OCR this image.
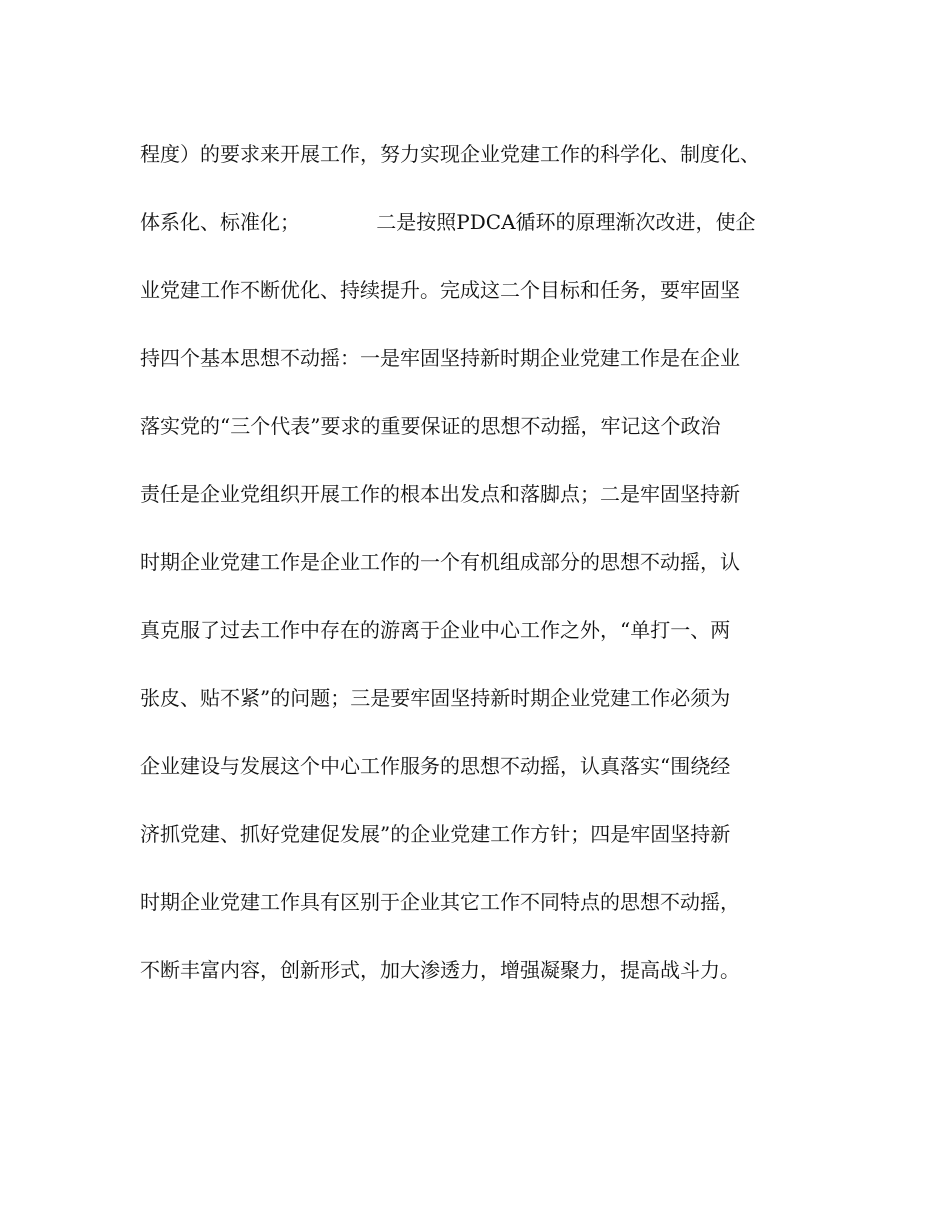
程度）的要求来开展工作，努力实现企业党建工作的科学化、制度化、
体系化、标准化；            二是按照PDCA循环的原理渐次改进，使企
业党建工作不断优化、持续提升。完成这二个目标和任务，要牢固坚
持四个基本思想不动摇：一是牢固坚持新时期企业党建工作是在企业
落实党的“三个代表”要求的重要保证的思想不动摇，牢记这个政治
责任是企业党组织开展工作的根本出发点和落脚点；二是牢固坚持新
时期企业党建工作是企业工作的一个有机组成部分的思想不动摇，认
真克服了过去工作中存在的游离于企业中心工作之外，“单打一、两
张皮、贴不紧”的问题；三是要牢固坚持新时期企业党建工作必须为
企业建设与发展这个中心工作服务的思想不动摇，认真落实“围绕经
济抓党建、抓好党建促发展”的企业党建工作方针；四是牢固坚持新
时期企业党建工作具有区别于企业其它工作不同特点的思想不动摇，
不断丰富内容，创新形式，加大渗透力，增强凝聚力，提高战斗力。
